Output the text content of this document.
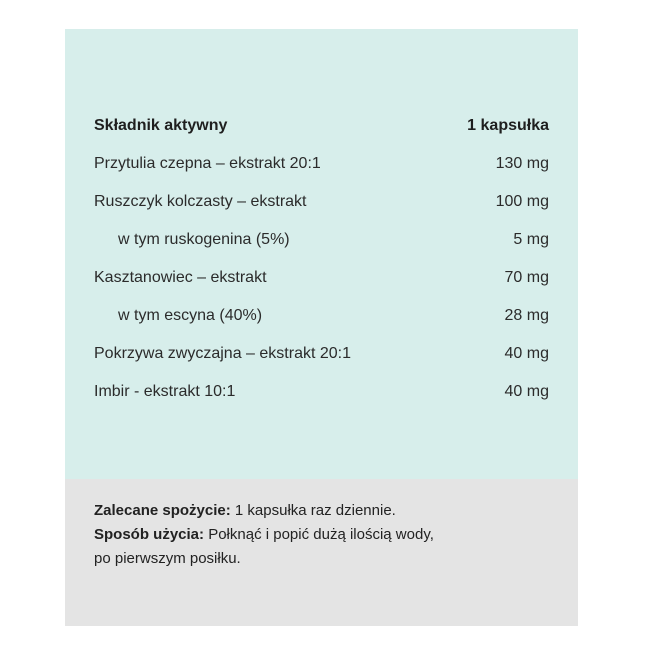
Składnik aktywny	1 kapsułka
Przytulia czepna – ekstrakt 20:1	130 mg
Ruszczyk kolczasty – ekstrakt	100 mg
w tym ruskogenina (5%)	5 mg
Kasztanowiec – ekstrakt	70 mg
w tym escyna (40%)	28 mg
Pokrzywa zwyczajna – ekstrakt 20:1	40 mg
Imbir - ekstrakt 10:1	40 mg

Zalecane spożycie: 1 kapsułka raz dziennie.

Sposób użycia: Połknąć i popić dużą ilością wody,

po pierwszym posiłku.
